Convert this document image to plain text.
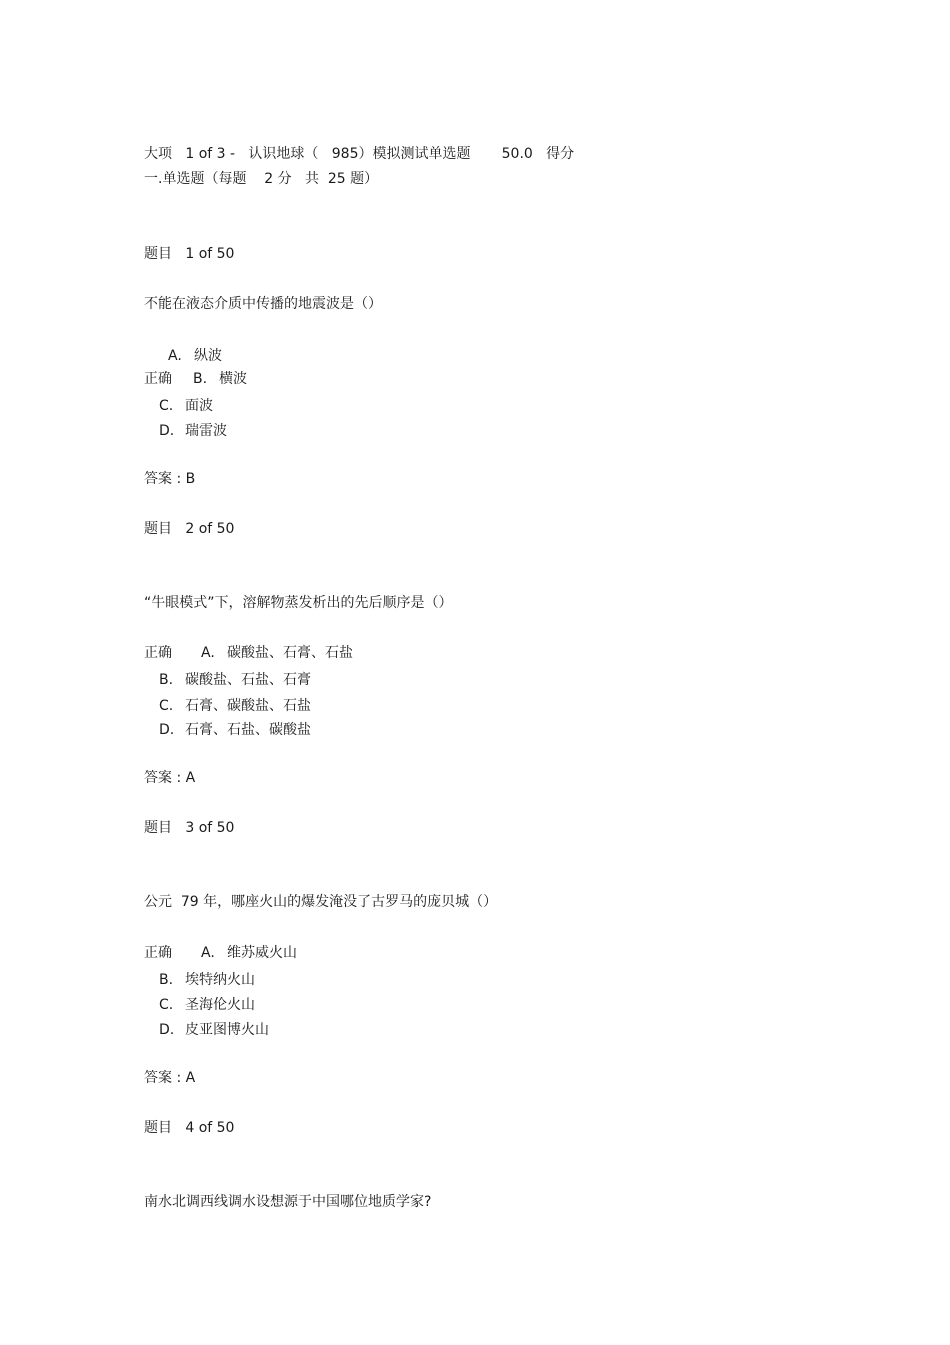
大项   1 of 3 -   认识地球（   985）模拟测试单选题       50.0   得分
一.单选题（每题    2 分   共  25 题）
题目   1 of 50
不能在液态介质中传播的地震波是（）
A. 纵波
正确 B. 横波
C. 面波
D. 瑞雷波
答案 : B
题目   2 of 50
“牛眼模式”下，溶解物蒸发析出的先后顺序是（）
正确 A. 碳酸盐、石膏、石盐
B. 碳酸盐、石盐、石膏
C. 石膏、碳酸盐、石盐
D. 石膏、石盐、碳酸盐
答案 : A
题目   3 of 50
公元  79 年，哪座火山的爆发淹没了古罗马的庞贝城（）
正确 A. 维苏威火山
B. 埃特纳火山
C. 圣海伦火山
D. 皮亚图博火山
答案 : A
题目   4 of 50
南水北调西线调水设想源于中国哪位地质学家?
